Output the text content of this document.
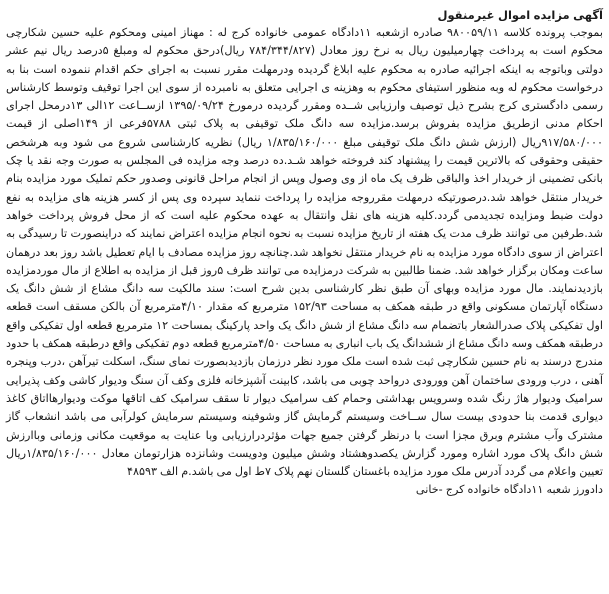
آگهی مزایده اموال غیرمنقول

بموجب پرونده کلاسه ۹۸۰۰۵۹/۱۱ صادره ازشعبه ۱۱دادگاه عمومی خانواده کرج له : مهناز امینی ومحکوم علیه حسین شکارچی محکوم است به پرداخت چهارمیلیون ریال به نرخ روز معادل (۷۸۴/۳۴۴/۸۲۷ ریال)درحق محکوم له ومبلغ ۵درصد ریال نیم عشر دولتی وباتوجه به اینکه اجرائیه صادره به محکوم علیه ابلاغ گردیده ودرمهلت مقرر نسبت به اجرای حکم اقدام ننموده است بنا به درخواست محکوم له وبه منظور استیفای محکوم به وهزینه ی اجرایی متعلق به نامبرده از سوی این اجرا توقیف وتوسط کارشناس رسمی دادگستری کرج بشرح ذیل توصیف وارزیابی شــده ومقرر گردیده درمورخ ۱۳۹۵/۰۹/۲۴ ازســاعت ۱۲الی ۱۳درمحل اجرای احکام مدنی ازطریق مزایده بفروش برسد.مزایده سه دانگ ملک توقیفی به پلاک ثبتی ۵۷۸۸فرعی از ۱۴۹اصلی از قیمت ۹۱۷/۵۸۰/۰۰۰ریال (ارزش شش دانگ ملک توقیفی مبلغ ۱/۸۳۵/۱۶۰/۰۰۰ ریال) نظریه کارشناسی شروع می شود وبه هرشخص حقیقی وحقوقی که بالاترین قیمت را پیشنهاد کند فروخته خواهد شـد.ده درصد وجه مزایده فی المجلس به صورت وجه نقد یا چک بانکی تضمینی از خریدار اخذ والباقی ظرف یک ماه از وی وصول وپس از انجام مراحل قانونی وصدور حکم تملیک مورد مزایده بنام خریدار منتقل خواهد شد.درصورتیکه درمهلت مقرروجه مزایده را پرداخت ننماید سپرده وی پس از کسر هزینه های مزایده به نفع دولت ضبط ومزایده تجدیدمی گردد.کلیه هزینه های نقل وانتقال به عهده محکوم علیه است که از محل فروش پرداخت خواهد شد.طرفین می توانند ظرف مدت یک هفته از تاریخ مزایده نسبت به نحوه انجام مزایده اعتراض نمایند که دراینصورت تا رسیدگی به اعتراض از سوی دادگاه مورد مزایده به نام خریدار منتقل نخواهد شد.چنانچه روز مزایده مصادف با ایام تعطیل باشد روز بعد درهمان ساعت ومکان برگزار خواهد شد. ضمنا طالبین به شرکت درمزایده می توانند ظرف ۵روز قبل از مزایده به اطلاع از مال موردمزایده بازدیدنمایند. مال مورد مزایده وبهای آن طبق نظر کارشناسی بدین شرح است: سند مالکیت سه دانگ مشاع از شش دانگ یک دستگاه آپارتمان مسکونی واقع در طبقه همکف به مساحت ۱۵۲/۹۳ مترمربع که مقدار ۴/۱۰مترمربع آن بالکن مسقف است قطعه اول تفکیکی پلاک صدرالشعار باتضمام سه دانگ مشاع از شش دانگ یک واحد پارکینگ بمساحت ۱۲ مترمربع قطعه اول تفکیکی واقع درطبقه همکف وسه دانگ مشاع از ششدانگ یک باب انباری به مساحت ۴/۵۰مترمربع قطعه دوم تفکیکی واقع درطبقه همکف با حدود مندرج درسند به نام حسین شکارچی ثبت شده است ملک مورد نظر درزمان بازدیدبصورت نمای سنگ، اسکلت تیرآهن ،درب وپنجره آهنی ، درب ورودی ساختمان آهن وورودی درواحد چوبی می باشد، کابینت آشپزخانه فلزی وکف آن سنگ ودیوار کاشی وکف پذیرایی سرامیک ودیوار هاژ رنگ شده وسرویس بهداشتی وحمام کف سرامیک دیوار تا سقف سرامیک کف اتاقها موکت ودیوارهااتاق کاغذ دیواری قدمت بنا حدودی بیست سال ســاخت وسیستم گرمایش گاز وشوفینه وسیستم سرمایش کولرآبی می باشد انشعاب گاز مشترک وآب مشترم وبرق مجزا است با درنظر گرفتن جمیع جهات مؤثردرارزیابی وبا عنایت به موقعیت مکانی وزمانی وباارزش شش دانگ پلاک مورد اشاره ومورد گزارش یکصدوهشتاد وشش میلیون ودویست وشانزده هزارتومان معادل ۱/۸۳۵/۱۶۰/۰۰۰ریال تعیین واعلام می گردد آدرس ملک مورد مزایده باغستان گلستان نهم پلاک ۷ط اول می باشد.م الف ۴۸۵۹۳

دادورز شعبه ۱۱دادگاه خانواده کرج -خانی
